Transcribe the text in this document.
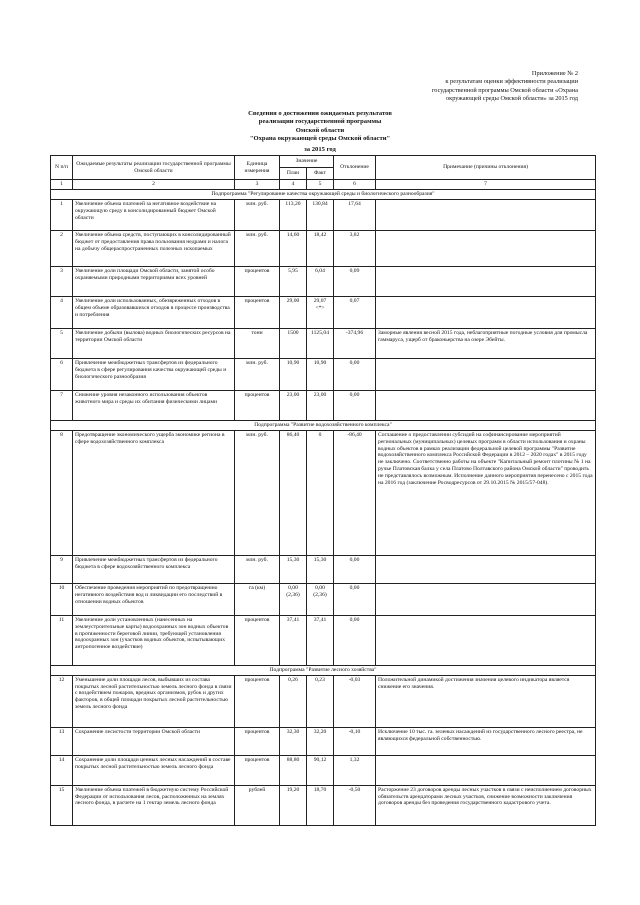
Приложение № 2
к результатам оценки эффективности реализации
государственной программы Омской области «Охрана
окружающей среды Омской области» за 2015 год
Сведения о достижении ожидаемых результатов
реализации государственной программы
Омской области
"Охрана окружающей среды Омской области"
за 2015 год
N п/п	Ожидаемые результаты реализации государственной программы Омской области	Единица измерения	Значение		Отклонение	Примечание (причины отклонения)
			План	Факт		
1	2	3	4	5	6	7
Подпрограмма "Регулирование качества окружающей среды и биологического разнообразия"						
1	Увеличение объема платежей за негативное воздействие на окружающую среду в консолидированный бюджет Омской области	млн. руб.	113,20	130,84	17,64	
2	Увеличение объема средств, поступающих в консолидированный бюджет от предоставления права пользования недрами и налога на добычу общераспространенных полезных ископаемых	млн. руб.	14,60	18,42	3,82	
3	Увеличение доли площади Омской области, занятой особо охраняемыми природными территориями всех уровней	процентов	5,95	6,04	0,09	
4	Увеличение доли использованных, обезвреженных отходов в общем объеме образовавшихся отходов в процессе производства и потребления	процентов	29,00	29,07 <*>	0,07	
5	Увеличение добычи (вылова) водных биологических ресурсов на территории Омской области	тонн	1500	1125,04	-374,96	Заморные явления весной 2015 года, неблагоприятные погодные условия для промысла гаммаруса, ущерб от браконьерства на озере Эбейты.
6	Привлечение межбюджетных трансфертов из федерального бюджета в сфере регулирования качества окружающей среды и биологического разнообразия	млн. руб.	10,90	10,90	0,00	
7	Снижение уровня незаконного использования объектов животного мира и среды их обитания физическими лицами	процентов	23,00	23,00	0,00	
Подпрограмма "Развитие водохозяйственного комплекса"						
8	Предотвращение экономического ущерба экономике региона в сфере водохозяйственного комплекса	млн. руб.	86,40	0	-86,40	Соглашение о предоставлении субсидий на софинансирование мероприятий региональных (муниципальных) целевых программ в области использования и охраны водных объектов в рамках реализации федеральной целевой программы "Развитие водохозяйственного комплекса Российской Федерации в 2012 – 2020 годах" в 2015 году не заключено. Соответственно работы на объекте "Капитальный ремонт плотины № 1 на ручье Платовская балка у села Платово Полтавского района Омской области" проводить не представлялось возможным. Исполнение данного мероприятия перенесено с 2015 года на 2016 год (заключение Росводресурсов от 29.10.2015 № 2015/57-048).
9	Привлечение межбюджетных трансфертов из федерального бюджета в сфере водохозяйственного комплекса	млн. руб.	15,30	15,30	0,00	
10	Обеспечение проведения мероприятий по предотвращению негативного воздействия вод и ликвидации его последствий в отношении водных объектов	га (км)	0,00 (2,36)	0,00 (2,36)	0,00	
11	Увеличение доли установленных (нанесенных на землеустроительные карты) водоохранных зон водных объектов в протяженности береговой линии, требующей установления водоохранных зон (участков водных объектов, испытывающих антропогенное воздействие)	процентов	37,41	37,41	0,00	
Подпрограмма "Развитие лесного хозяйства"						
12	Уменьшение доли площади лесов, выбывших из состава покрытых лесной растительностью земель лесного фонда в связи с воздействием пожаров, вредных организмов, рубок и других факторов, в общей площади покрытых лесной растительностью земель лесного фонда	процентов	0,26	0,23	-0,03	Положительной динамикой достижения значения целевого индикатора является снижение его значения.
13	Сохранение лесистости территории Омской области	процентов	32,30	32,20	-0,10	Исключение 10 тыс. га. зеленых насаждений из государственного лесного реестра, не являющихся федеральной собственностью.
14	Сохранение доли площади ценных лесных насаждений в составе покрытых лесной растительностью земель лесного фонда	процентов	88,80	90,12	1,32	
15	Увеличение объема платежей в бюджетную систему Российской Федерации от использования лесов, расположенных на землях лесного фонда, в расчете на 1 гектар земель лесного фонда	рублей	19,20	18,70	-0,50	Расторжение 23 договоров аренды лесных участков в связи с неисполнением договорных обязательств арендаторами лесных участков, снижение возможности заключения договоров аренды без проведения государственного кадастрового учета.
